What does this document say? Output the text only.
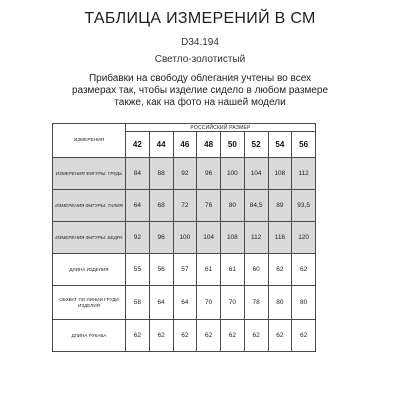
ТАБЛИЦА ИЗМЕРЕНИЙ В СМ
D34.194
Светло-золотистый
Прибавки на свободу облегания учтены во всех размерах так, чтобы изделие сидело в любом размере также, как на фото на нашей модели
ИЗМЕРЕНИЯ	РОССИЙСКИЙ РАЗМЕР							
	42	44	46	48	50	52	54	56
ИЗМЕРЕНИЯ ФИГУРЫ: ГРУДЬ	84	88	92	96	100	104	108	112
ИЗМЕРЕНИЯ ФИГУРЫ: ТАЛИЯ	64	68	72	76	80	84,5	89	93,5
ИЗМЕРЕНИЯ ФИГУРЫ: БЕДРА	92	96	100	104	108	112	116	120
ДЛИНА ИЗДЕЛИЯ	55	56	57	61	61	60	62	62
ОБХВАТ ПО ЛИНИИ ГРУДИ ИЗДЕЛИЯ	58	64	64	70	70	78	80	80
ДЛИНА РУКАВА	62	62	62	62	62	62	62	62
